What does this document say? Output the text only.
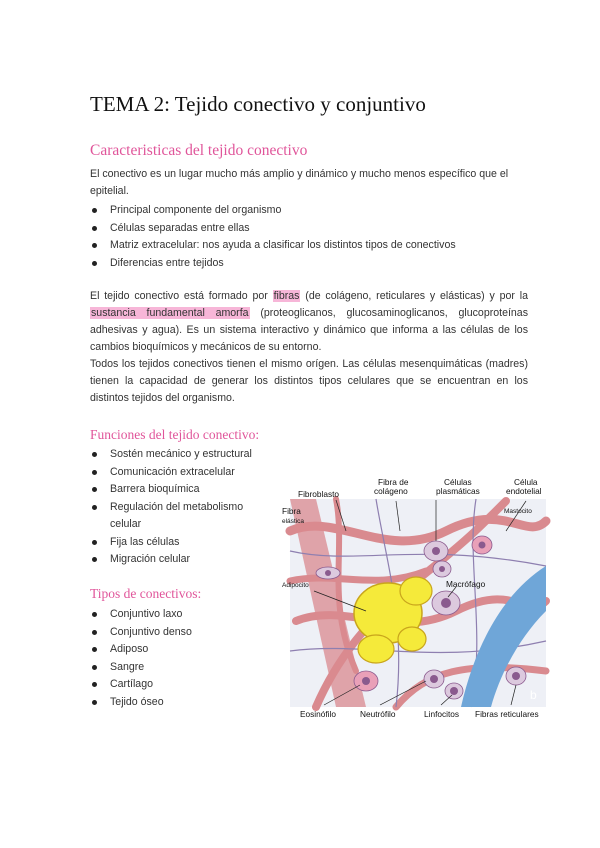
TEMA 2: Tejido conectivo y conjuntivo
Caracteristicas del tejido conectivo

El conectivo es un lugar mucho más amplio y dinámico y mucho menos específico que el epitelial.

Principal componente del organismo
Células separadas entre ellas
Matriz extracelular: nos ayuda a clasificar los distintos tipos de conectivos
Diferencias entre tejidos

El tejido conectivo está formado por fibras (de colágeno, reticulares y elásticas) y por la sustancia fundamental amorfa (proteoglicanos, glucosaminoglicanos, glucoproteínas adhesivas y agua). Es un sistema interactivo y dinámico que informa a las células de los cambios bioquímicos y mecánicos de su entorno.

Todos los tejidos conectivos tienen el mismo orígen. Las células mesenquimáticas (madres) tienen la capacidad de generar los distintos tipos celulares que se encuentran en los distintos tejidos del organismo.

Funciones del tejido conectivo:
Sostén mecánico y estructural
Comunicación extracelular
Barrera bioquímica
Regulación del metabolismo celular
Fija las células
Migración celular
Tipos de conectivos:
Conjuntivo laxo
Conjuntivo denso
Adiposo
Sangre
Cartílago
Tejido óseo
Fibroblasto
Fibra de
colágeno
Células
plasmáticas
Célula
endotelial
Fibra
elástica
Mastocito
Adipocito	Macrófago
Eosinófilo	Neutrófilo	Linfocitos Fibras reticulares
b
